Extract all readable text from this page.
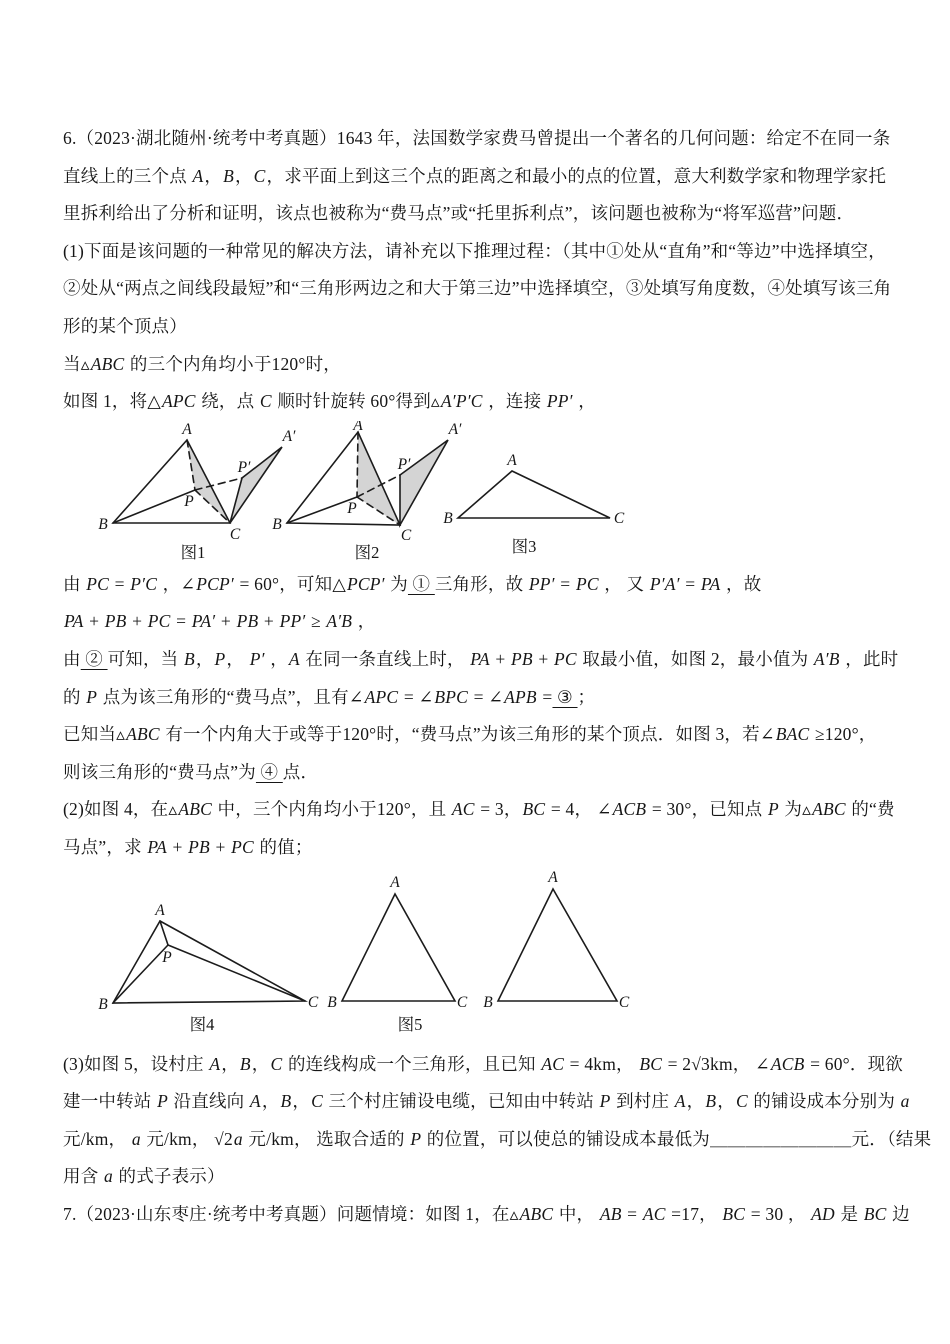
6.（2023·湖北随州·统考中考真题）1643 年，法国数学家费马曾提出一个著名的几何问题：给定不在同一条
直线上的三个点 A，B，C，求平面上到这三个点的距离之和最小的点的位置，意大利数学家和物理学家托
里拆利给出了分析和证明，该点也被称为“费马点”或“托里拆利点”，该问题也被称为“将军巡营”问题．
(1)下面是该问题的一种常见的解决方法，请补充以下推理过程：（其中①处从“直角”和“等边”中选择填空，
②处从“两点之间线段最短”和“三角形两边之和大于第三边”中选择填空，③处填写角度数，④处填写该三角
形的某个顶点）
当▵ABC 的三个内角均小于120°时，
如图 1，将△APC 绕，点 C 顺时针旋转 60°得到▵A′P′C ，连接 PP′ ，
A
B
C
P
P′
A′
图1
A
B
C
P
P′
A′
图2
A
B	C
图3
由 PC = P′C ，∠PCP′ = 60°，可知△PCP′ 为 ① 三角形，故 PP′ = PC ， 又 P′A′ = PA ，故
PA + PB + PC = PA′ + PB + PP′ ≥ A′B ，
由 ② 可知，当 B，P， P′ ，A 在同一条直线上时， PA + PB + PC 取最小值，如图 2，最小值为 A′B ，此时
的 P 点为该三角形的“费马点”，且有∠APC = ∠BPC = ∠APB = ③ ；
已知当▵ABC 有一个内角大于或等于120°时，“费马点”为该三角形的某个顶点．如图 3，若∠BAC ≥120°，
则该三角形的“费马点”为 ④ 点．
(2)如图 4，在▵ABC 中，三个内角均小于120°，且 AC = 3，BC = 4， ∠ACB = 30°，已知点 P 为▵ABC 的“费
马点”，求 PA + PB + PC 的值；
A
B	C
P
图4
A
B	C
图5
A
B	C
(3)如图 5，设村庄 A，B，C 的连线构成一个三角形，且已知 AC = 4km， BC = 2√3km， ∠ACB = 60°．现欲
建一中转站 P 沿直线向 A，B，C 三个村庄铺设电缆，已知由中转站 P 到村庄 A，B，C 的铺设成本分别为 a
元/km， a 元/km， √2a 元/km， 选取合适的 P 的位置，可以使总的铺设成本最低为＿＿＿＿＿＿＿＿元．（结果
用含 a 的式子表示）
7.（2023·山东枣庄·统考中考真题）问题情境：如图 1，在▵ABC 中， AB = AC =17， BC = 30 ， AD 是 BC 边
